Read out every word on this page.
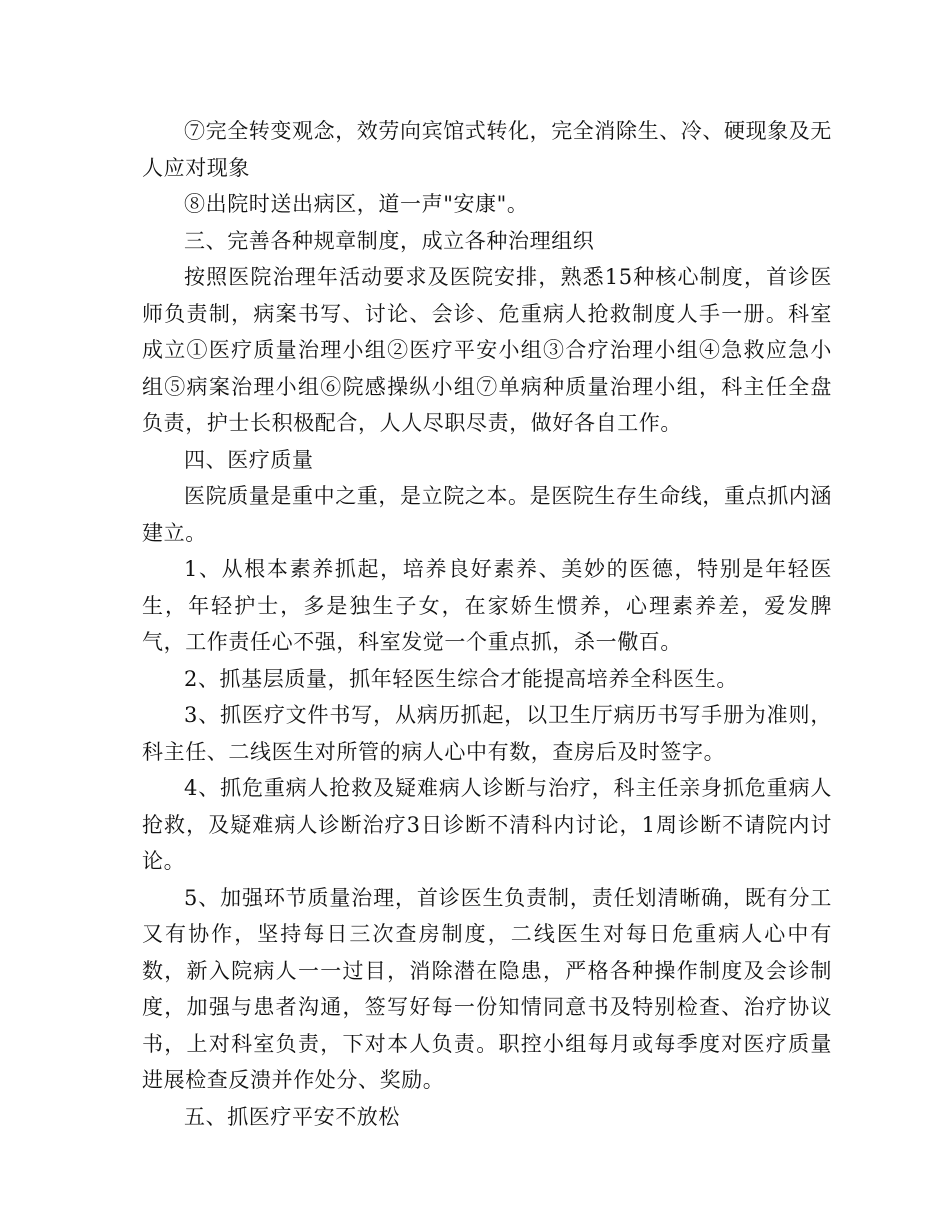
⑦完全转变观念，效劳向宾馆式转化，完全消除生、冷、硬现象及无人应对现象

⑧出院时送出病区，道一声"安康"。

三、完善各种规章制度，成立各种治理组织

按照医院治理年活动要求及医院安排，熟悉15种核心制度，首诊医师负责制，病案书写、讨论、会诊、危重病人抢救制度人手一册。科室成立①医疗质量治理小组②医疗平安小组③合疗治理小组④急救应急小组⑤病案治理小组⑥院感操纵小组⑦单病种质量治理小组，科主任全盘负责，护士长积极配合，人人尽职尽责，做好各自工作。

四、医疗质量

医院质量是重中之重，是立院之本。是医院生存生命线，重点抓内涵建立。

1、从根本素养抓起，培养良好素养、美妙的医德，特别是年轻医生，年轻护士，多是独生子女，在家娇生惯养，心理素养差，爱发脾气，工作责任心不强，科室发觉一个重点抓，杀一儆百。

2、抓基层质量，抓年轻医生综合才能提高培养全科医生。

3、抓医疗文件书写，从病历抓起，以卫生厅病历书写手册为准则，科主任、二线医生对所管的病人心中有数，查房后及时签字。

4、抓危重病人抢救及疑难病人诊断与治疗，科主任亲身抓危重病人抢救，及疑难病人诊断治疗3日诊断不清科内讨论，1周诊断不请院内讨论。

5、加强环节质量治理，首诊医生负责制，责任划清晰确，既有分工又有协作，坚持每日三次查房制度，二线医生对每日危重病人心中有数，新入院病人一一过目，消除潜在隐患，严格各种操作制度及会诊制度，加强与患者沟通，签写好每一份知情同意书及特别检查、治疗协议书，上对科室负责，下对本人负责。职控小组每月或每季度对医疗质量进展检查反溃并作处分、奖励。

五、抓医疗平安不放松
